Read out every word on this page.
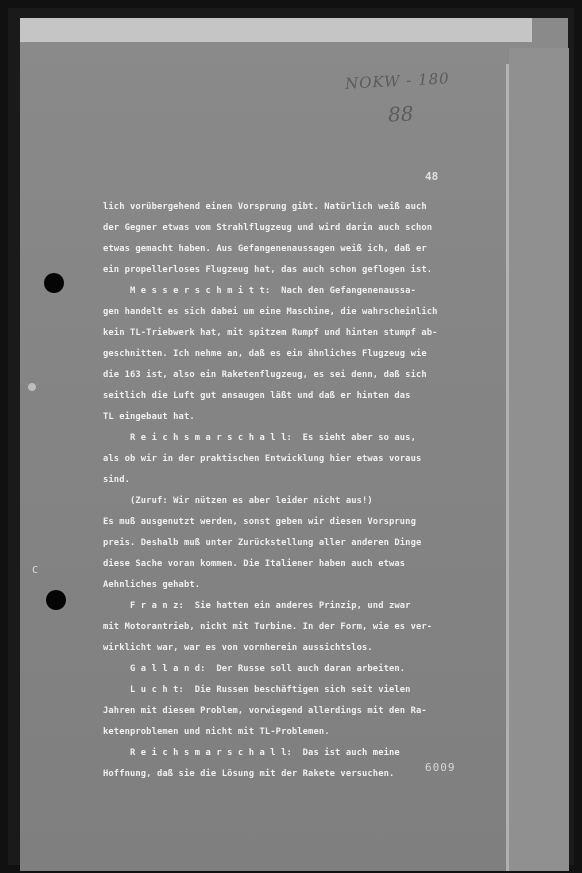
C
NOKW - 180
88
48
lich vorübergehend einen Vorsprung gibt. Natürlich weiß auch
der Gegner etwas vom Strahlflugzeug und wird darin auch schon
etwas gemacht haben. Aus Gefangenenaussagen weiß ich, daß er
ein propellerloses Flugzeug hat, das auch schon geflogen ist.
M e s s e r s c h m i t t:  Nach den Gefangenenaussa-
gen handelt es sich dabei um eine Maschine, die wahrscheinlich
kein TL-Triebwerk hat, mit spitzem Rumpf und hinten stumpf ab-
geschnitten. Ich nehme an, daß es ein ähnliches Flugzeug wie
die 163 ist, also ein Raketenflugzeug, es sei denn, daß sich
seitlich die Luft gut ansaugen läßt und daß er hinten das
TL eingebaut hat.
R e i c h s m a r s c h a l l:  Es sieht aber so aus,
als ob wir in der praktischen Entwicklung hier etwas voraus
sind.
(Zuruf: Wir nützen es aber leider nicht aus!)
Es muß ausgenutzt werden, sonst geben wir diesen Vorsprung
preis. Deshalb muß unter Zurückstellung aller anderen Dinge
diese Sache voran kommen. Die Italiener haben auch etwas
Aehnliches gehabt.
F r a n z:  Sie hatten ein anderes Prinzip, und zwar
mit Motorantrieb, nicht mit Turbine. In der Form, wie es ver-
wirklicht war, war es von vornherein aussichtslos.
G a l l a n d:  Der Russe soll auch daran arbeiten.
L u c h t:  Die Russen beschäftigen sich seit vielen
Jahren mit diesem Problem, vorwiegend allerdings mit den Ra-
ketenproblemen und nicht mit TL-Problemen.
R e i c h s m a r s c h a l l:  Das ist auch meine
Hoffnung, daß sie die Lösung mit der Rakete versuchen.	6009
